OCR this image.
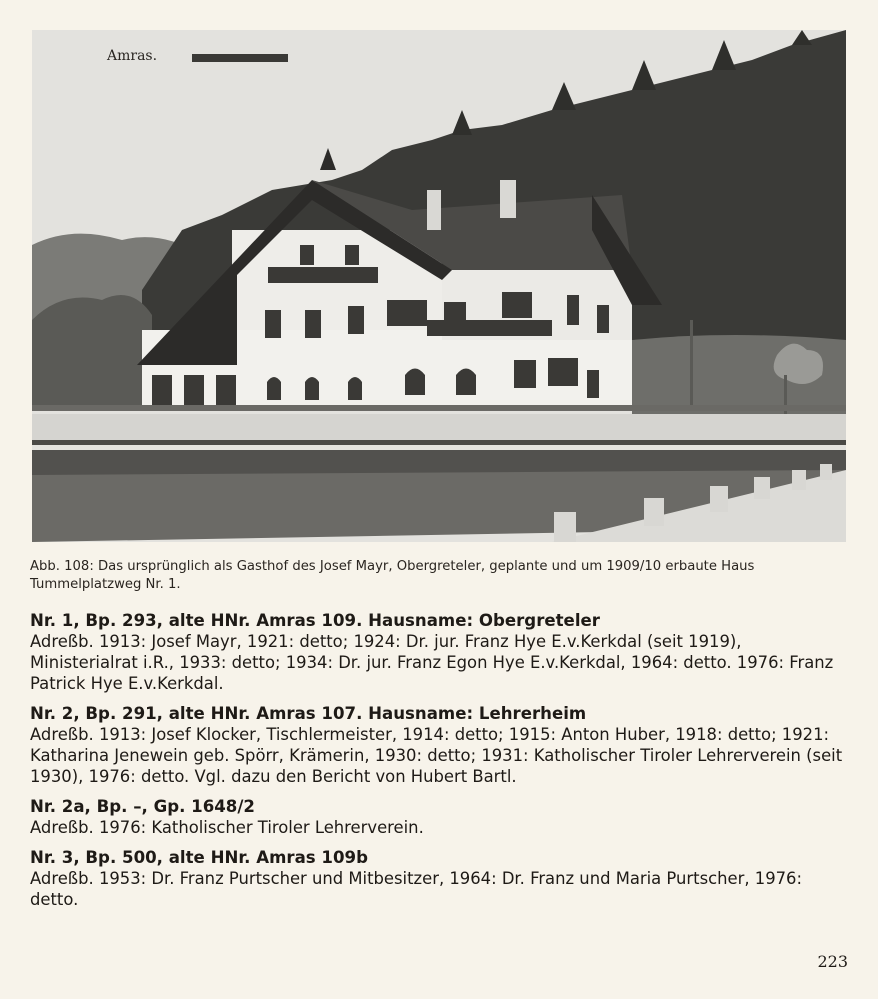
Amras.

Abb. 108: Das ursprünglich als Gasthof des Josef Mayr, Obergreteler, geplante und um 1909/10 erbaute Haus Tummelplatzweg Nr. 1.

Nr. 1, Bp. 293, alte HNr. Amras 109. Hausname: Obergreteler

Adreßb. 1913: Josef Mayr, 1921: detto; 1924: Dr. jur. Franz Hye E.v.Kerkdal (seit 1919), Ministerialrat i.R., 1933: detto; 1934: Dr. jur. Franz Egon Hye E.v.Kerkdal, 1964: detto. 1976: Franz Patrick Hye E.v.Kerkdal.

Nr. 2, Bp. 291, alte HNr. Amras 107. Hausname: Lehrerheim

Adreßb. 1913: Josef Klocker, Tischlermeister, 1914: detto; 1915: Anton Huber, 1918: detto; 1921: Katharina Jenewein geb. Spörr, Krämerin, 1930: detto; 1931: Katholischer Tiroler Lehrerverein (seit 1930), 1976: detto. Vgl. dazu den Bericht von Hubert Bartl.

Nr. 2a, Bp. –, Gp. 1648/2

Adreßb. 1976: Katholischer Tiroler Lehrerverein.

Nr. 3, Bp. 500, alte HNr. Amras 109b

Adreßb. 1953: Dr. Franz Purtscher und Mitbesitzer, 1964: Dr. Franz und Maria Purtscher, 1976: detto.

223
